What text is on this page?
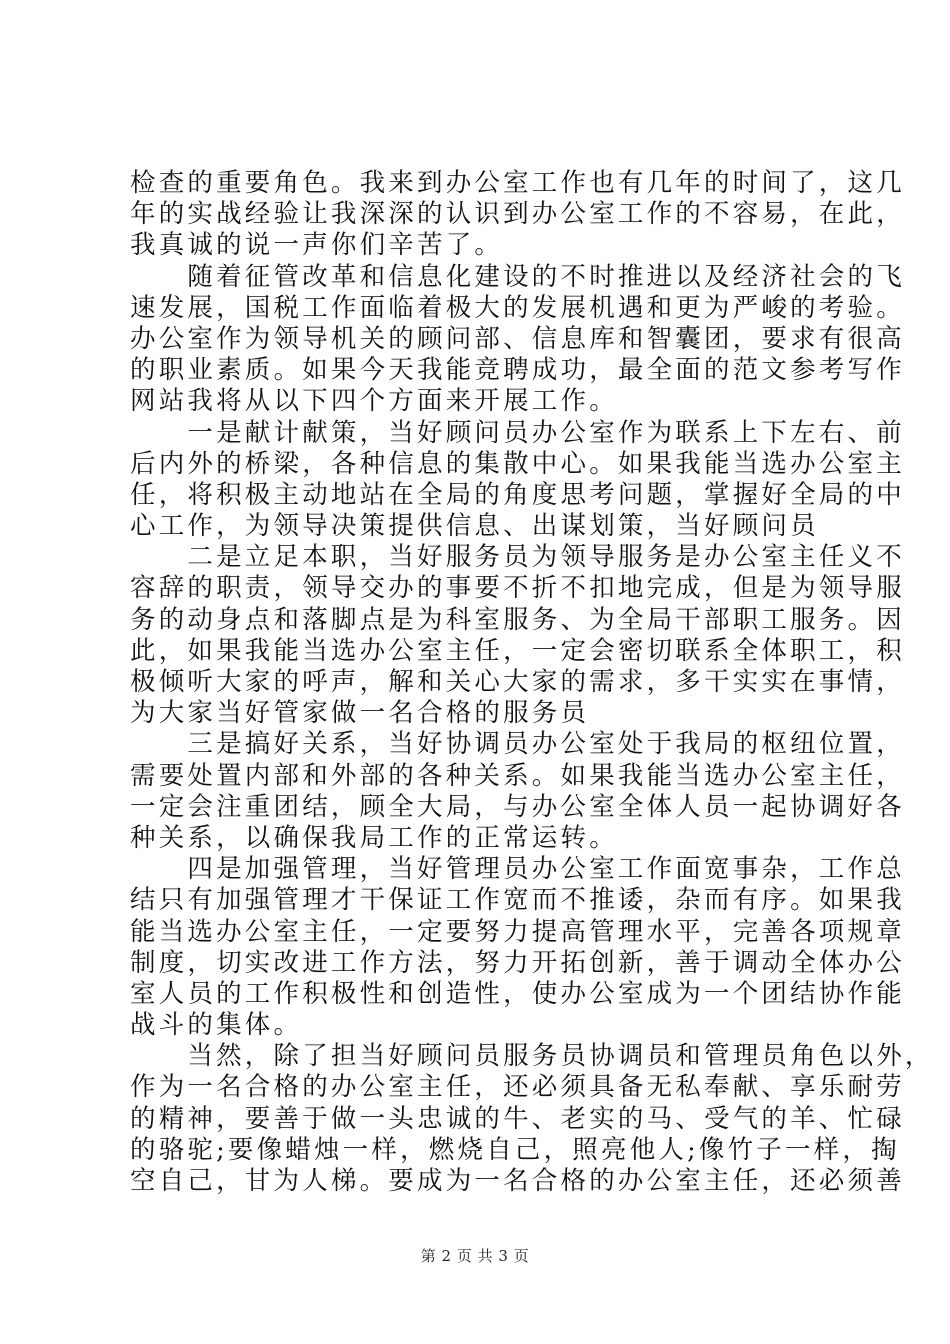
检查的重要角色。我来到办公室工作也有几年的时间了，这几
年的实战经验让我深深的认识到办公室工作的不容易，在此，
我真诚的说一声你们辛苦了。
　　随着征管改革和信息化建设的不时推进以及经济社会的飞
速发展，国税工作面临着极大的发展机遇和更为严峻的考验。
办公室作为领导机关的顾问部、信息库和智囊团，要求有很高
的职业素质。如果今天我能竞聘成功，最全面的范文参考写作
网站我将从以下四个方面来开展工作。
　　一是献计献策，当好顾问员办公室作为联系上下左右、前
后内外的桥梁，各种信息的集散中心。如果我能当选办公室主
任，将积极主动地站在全局的角度思考问题，掌握好全局的中
心工作，为领导决策提供信息、出谋划策，当好顾问员
　　二是立足本职，当好服务员为领导服务是办公室主任义不
容辞的职责，领导交办的事要不折不扣地完成，但是为领导服
务的动身点和落脚点是为科室服务、为全局干部职工服务。因
此，如果我能当选办公室主任，一定会密切联系全体职工，积
极倾听大家的呼声，解和关心大家的需求，多干实实在事情，
为大家当好管家做一名合格的服务员
　　三是搞好关系，当好协调员办公室处于我局的枢纽位置，
需要处置内部和外部的各种关系。如果我能当选办公室主任，
一定会注重团结，顾全大局，与办公室全体人员一起协调好各
种关系，以确保我局工作的正常运转。
　　四是加强管理，当好管理员办公室工作面宽事杂，工作总
结只有加强管理才干保证工作宽而不推诿，杂而有序。如果我
能当选办公室主任，一定要努力提高管理水平，完善各项规章
制度，切实改进工作方法，努力开拓创新，善于调动全体办公
室人员的工作积极性和创造性，使办公室成为一个团结协作能
战斗的集体。
　　当然，除了担当好顾问员服务员协调员和管理员角色以外，
作为一名合格的办公室主任，还必须具备无私奉献、享乐耐劳
的精神，要善于做一头忠诚的牛、老实的马、受气的羊、忙碌
的骆驼;要像蜡烛一样，燃烧自己，照亮他人;像竹子一样，掏
空自己，甘为人梯。要成为一名合格的办公室主任，还必须善
第 2 页 共 3 页
